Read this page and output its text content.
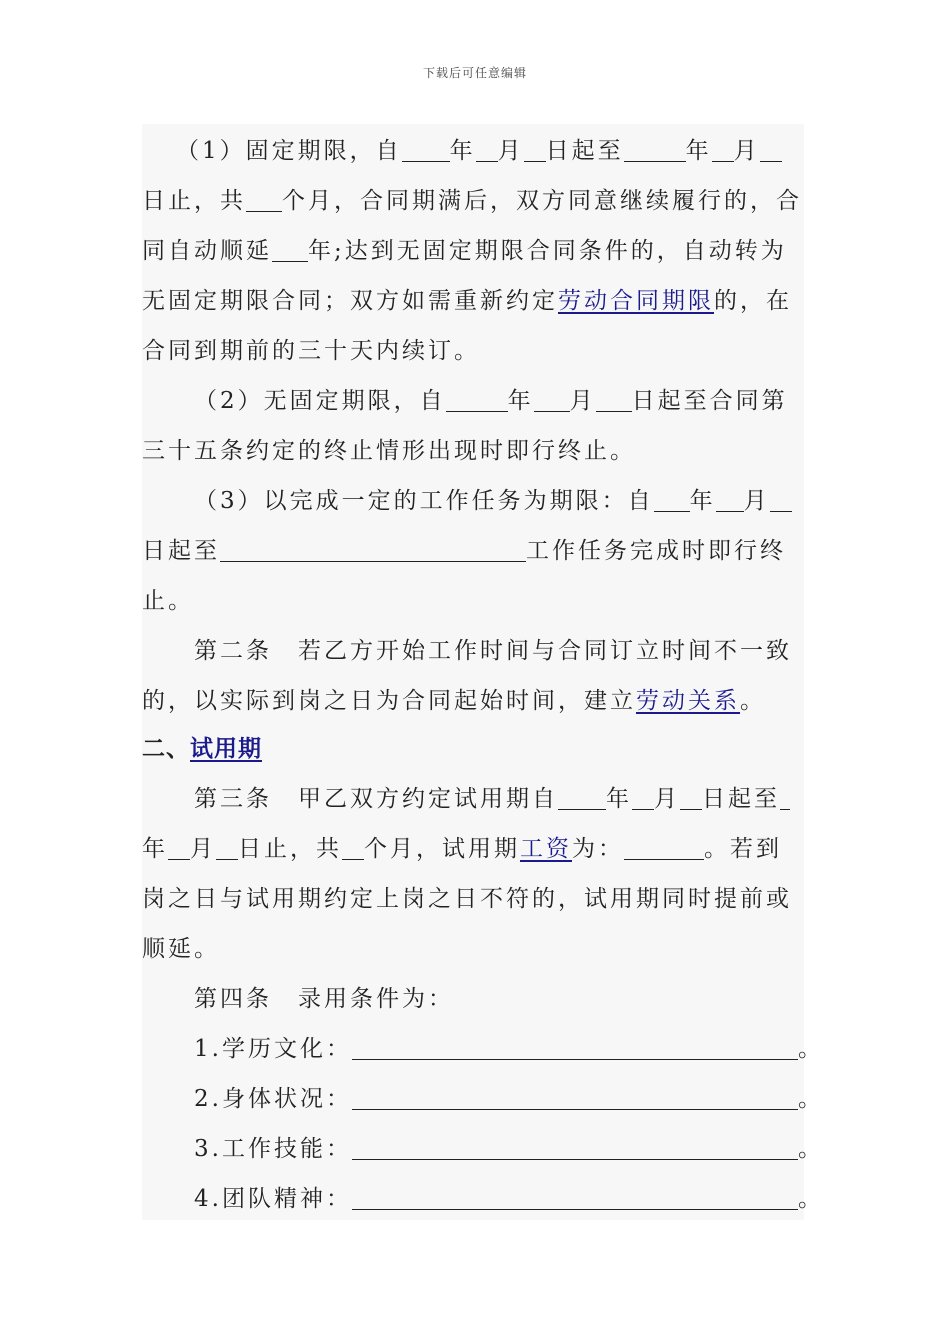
下载后可任意编辑

（1）固定期限，自 年 月 日起至	年 月

日止，共 个月，合同期满后，双方同意继续履行的，合

同自动顺延 年;达到无固定期限合同条件的，自动转为

无固定期限合同；双方如需重新约定劳动合同期限的，在

合同到期前的三十天内续订。

（2）无固定期限，自	年 月 日起至合同第

三十五条约定的终止情形出现时即行终止。

（3）以完成一定的工作任务为期限：自 年 月

日起至	工作任务完成时即行终

止。

第二条　若乙方开始工作时间与合同订立时间不一致

的，以实际到岗之日为合同起始时间，建立劳动关系。

二、试用期

第三条　甲乙双方约定试用期自 年 月 日起至

年 月 日止，共 个月，试用期工资为：	。若到

岗之日与试用期约定上岗之日不符的，试用期同时提前或

顺延。

第四条　录用条件为：

1.学历文化：	。

2.身体状况：	。

3.工作技能：	。

4.团队精神：	。
